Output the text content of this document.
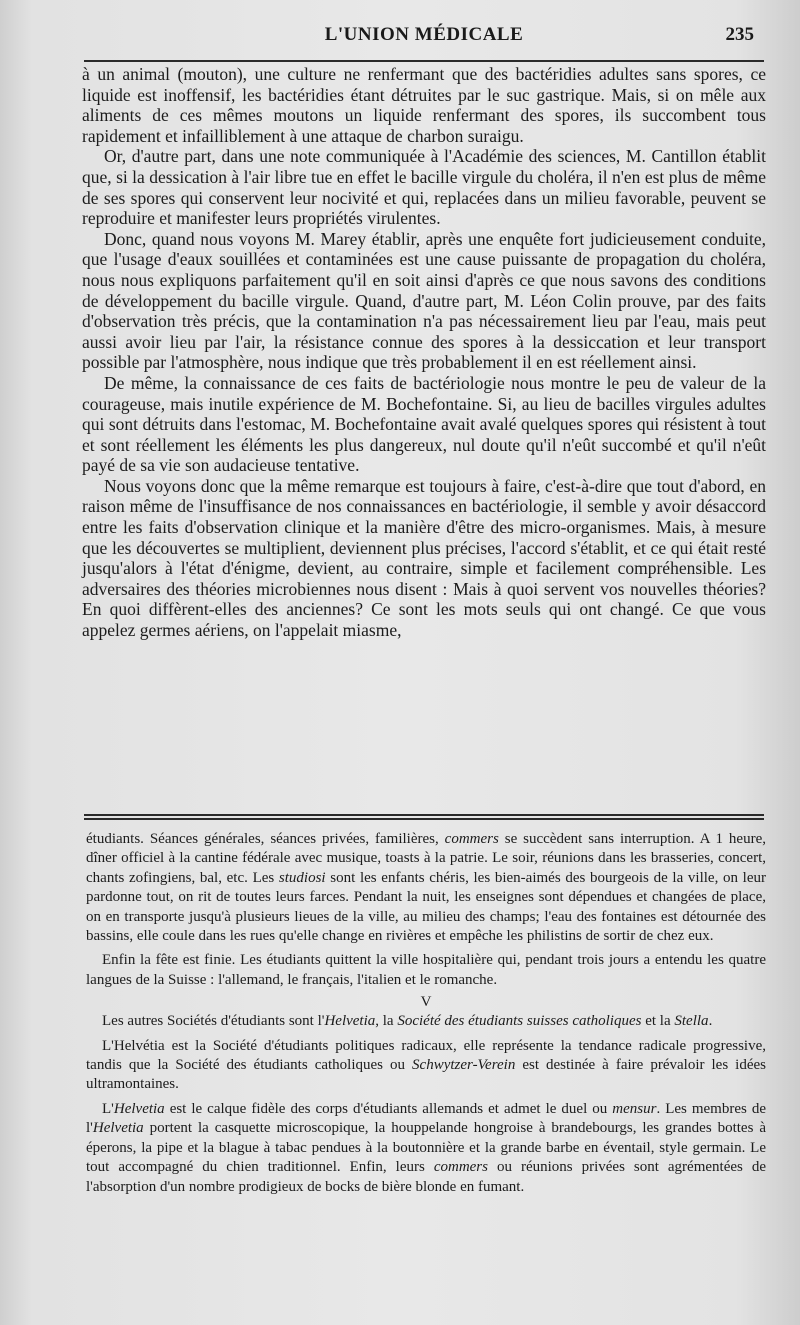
L'UNION MÉDICALE	235

à un animal (mouton), une culture ne renfermant que des bactéridies adultes sans spores, ce liquide est inoffensif, les bactéridies étant détruites par le suc gastrique. Mais, si on mêle aux aliments de ces mêmes moutons un liquide renfermant des spores, ils succombent tous rapidement et infailliblement à une attaque de charbon suraigu.

Or, d'autre part, dans une note communiquée à l'Académie des sciences, M. Cantillon établit que, si la dessication à l'air libre tue en effet le bacille virgule du choléra, il n'en est plus de même de ses spores qui conservent leur nocivité et qui, replacées dans un milieu favorable, peuvent se reproduire et manifester leurs propriétés virulentes.

Donc, quand nous voyons M. Marey établir, après une enquête fort judicieusement conduite, que l'usage d'eaux souillées et contaminées est une cause puissante de propagation du choléra, nous nous expliquons parfaitement qu'il en soit ainsi d'après ce que nous savons des conditions de développement du bacille virgule. Quand, d'autre part, M. Léon Colin prouve, par des faits d'observation très précis, que la contamination n'a pas nécessairement lieu par l'eau, mais peut aussi avoir lieu par l'air, la résistance connue des spores à la dessiccation et leur transport possible par l'atmosphère, nous indique que très probablement il en est réellement ainsi.

De même, la connaissance de ces faits de bactériologie nous montre le peu de valeur de la courageuse, mais inutile expérience de M. Bochefontaine. Si, au lieu de bacilles virgules adultes qui sont détruits dans l'estomac, M. Bochefontaine avait avalé quelques spores qui résistent à tout et sont réellement les éléments les plus dangereux, nul doute qu'il n'eût succombé et qu'il n'eût payé de sa vie son audacieuse tentative.

Nous voyons donc que la même remarque est toujours à faire, c'est-à-dire que tout d'abord, en raison même de l'insuffisance de nos connaissances en bactériologie, il semble y avoir désaccord entre les faits d'observation clinique et la manière d'être des micro-organismes. Mais, à mesure que les découvertes se multiplient, deviennent plus précises, l'accord s'établit, et ce qui était resté jusqu'alors à l'état d'énigme, devient, au contraire, simple et facilement compréhensible. Les adversaires des théories microbiennes nous disent : Mais à quoi servent vos nouvelles théories? En quoi diffèrent-elles des anciennes? Ce sont les mots seuls qui ont changé. Ce que vous appelez germes aériens, on l'appelait miasme,

étudiants. Séances générales, séances privées, familières, commers se succèdent sans interruption. A 1 heure, dîner officiel à la cantine fédérale avec musique, toasts à la patrie. Le soir, réunions dans les brasseries, concert, chants zofingiens, bal, etc. Les studiosi sont les enfants chéris, les bien-aimés des bourgeois de la ville, on leur pardonne tout, on rit de toutes leurs farces. Pendant la nuit, les enseignes sont dépendues et changées de place, on en transporte jusqu'à plusieurs lieues de la ville, au milieu des champs; l'eau des fontaines est détournée des bassins, elle coule dans les rues qu'elle change en rivières et empêche les philistins de sortir de chez eux.

Enfin la fête est finie. Les étudiants quittent la ville hospitalière qui, pendant trois jours a entendu les quatre langues de la Suisse : l'allemand, le français, l'italien et le romanche.

V

Les autres Sociétés d'étudiants sont l'Helvetia, la Société des étudiants suisses catholiques et la Stella.

L'Helvétia est la Société d'étudiants politiques radicaux, elle représente la tendance radicale progressive, tandis que la Société des étudiants catholiques ou Schwytzer-Verein est destinée à faire prévaloir les idées ultramontaines.

L'Helvetia est le calque fidèle des corps d'étudiants allemands et admet le duel ou mensur. Les membres de l'Helvetia portent la casquette microscopique, la houppelande hongroise à brandebourgs, les grandes bottes à éperons, la pipe et la blague à tabac pendues à la boutonnière et la grande barbe en éventail, style germain. Le tout accompagné du chien traditionnel. Enfin, leurs commers ou réunions privées sont agrémentées de l'absorption d'un nombre prodigieux de bocks de bière blonde en fumant.
